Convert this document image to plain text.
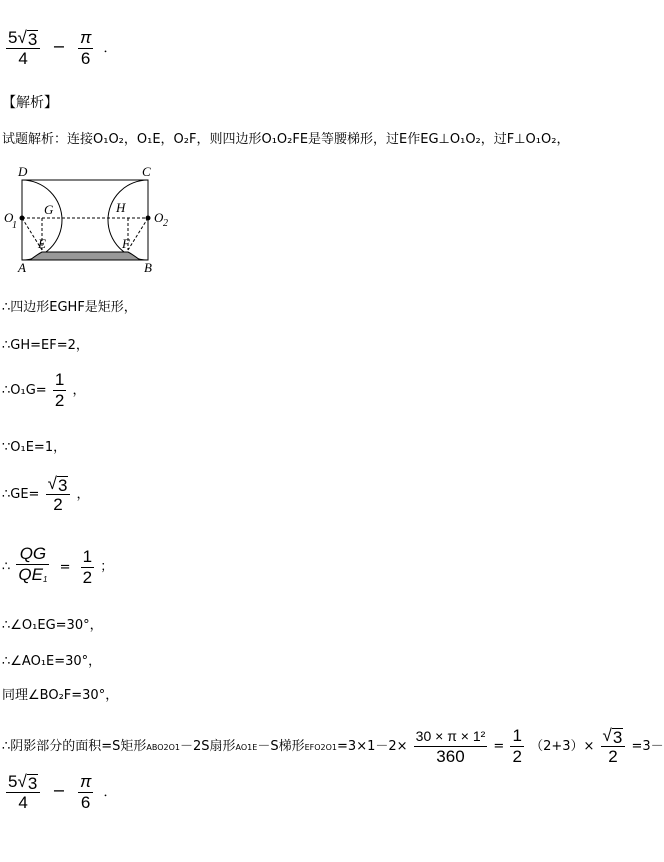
$\frac{5 √ 3}{4} - \frac{\pi}{6}$ ．
【解析】
试题解析：连接O₁O₂，O₁E，O₂F，则四边形O₁O₂FE是等腰梯形，过E作EG⊥O₁O₂，过F⊥O₁O₂，
D	C
O
1
O 2
G	H
E	F
A	B
∴四边形EGHF是矩形，
∴GH=EF=2，
∴O₁G= $\frac{1}{2}$ ，
∵O₁E=1，
∴GE= $\frac{√ 3}{2}$ ，
∴ $\frac{QG}{QE_1} = \frac{1}{2}$ ；
∴∠O₁EG=30°，
∴∠AO₁E=30°，
同理∠BO₂F=30°，
∴阴影部分的面积=S矩形ABO2O1－2S扇形AO1E－S梯形$EFO2O1=3\times 1-2\times \frac{\text{30 × π × 1²}}{360} = \frac{1}{2} (2+3)\times \frac{√ 3}{2} =3-$
$\frac{5 √ 3}{4} - \frac{\pi}{6}$ ．
